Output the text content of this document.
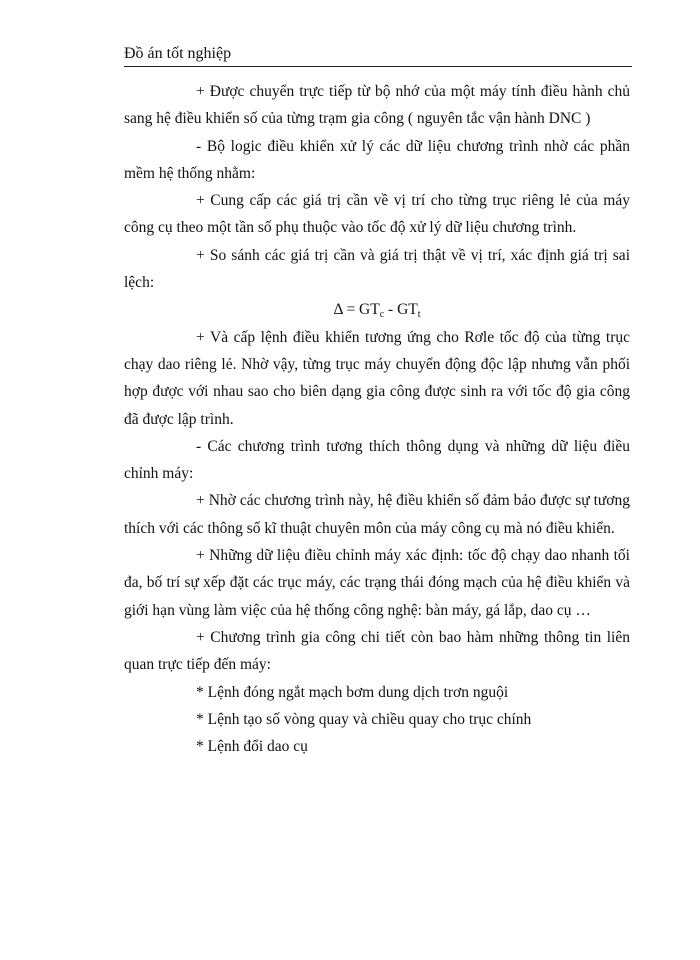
Đồ án tốt nghiệp

+ Được chuyển trực tiếp từ bộ nhớ của một máy tính điều hành chủ sang hệ điều khiển số của từng trạm gia công ( nguyên tắc vận hành DNC )

- Bộ logic điều khiển xử lý các dữ liệu chương trình nhờ các phần mềm hệ thống nhằm:

+ Cung cấp các giá trị cần về vị trí cho từng trục riêng lẻ của máy công cụ theo một tần số phụ thuộc vào tốc độ xử lý dữ liệu chương trình.

+ So sánh các giá trị cần và giá trị thật về vị trí, xác định giá trị sai lệch:

$\Delta = GT_c - GT_t$

+ Và cấp lệnh điều khiển tương ứng cho Rơle tốc độ của từng trục chạy dao riêng lẻ. Nhờ vậy, từng trục máy chuyển động độc lập nhưng vẫn phối hợp được với nhau sao cho biên dạng gia công được sinh ra với tốc độ gia công đã được lập trình.

- Các chương trình tương thích thông dụng và những dữ liệu điều chỉnh máy:

+ Nhờ các chương trình này, hệ điều khiển số đảm bảo được sự tương thích với các thông số kĩ thuật chuyên môn của máy công cụ mà nó điều khiển.

+ Những dữ liệu điều chỉnh máy xác định: tốc độ chạy dao nhanh tối đa, bố trí sự xếp đặt các trục máy, các trạng thái đóng mạch của hệ điều khiển và giới hạn vùng làm việc của hệ thống công nghệ: bàn máy, gá lắp, dao cụ …

+ Chương trình gia công chi tiết còn bao hàm những thông tin liên quan trực tiếp đến máy:

* Lệnh đóng ngắt mạch bơm dung dịch trơn nguội

* Lệnh tạo số vòng quay và chiều quay cho trục chính

* Lệnh đổi dao cụ
